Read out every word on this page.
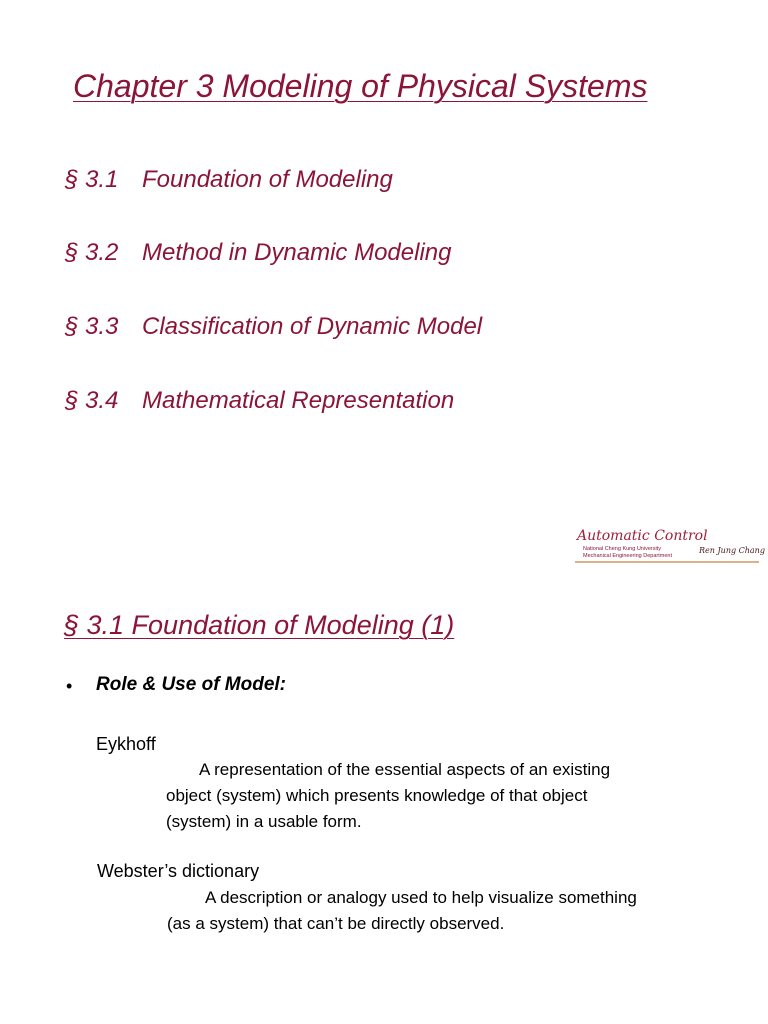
Chapter 3 Modeling of Physical Systems
§ 3.1 Foundation of Modeling
§ 3.2 Method in Dynamic Modeling
§ 3.3 Classification of Dynamic Model
§ 3.4 Mathematical Representation
Automatic Control
National Cheng Kung University
Mechanical Engineering Department
Ren Jung Chang
§ 3.1 Foundation of Modeling (1)
• Role & Use of Model:
Eykhoff
A representation of the essential aspects of an existing
object (system) which presents knowledge of that object
(system) in a usable form.
Webster’s dictionary
A description or analogy used to help visualize something
(as a system) that can’t be directly observed.
